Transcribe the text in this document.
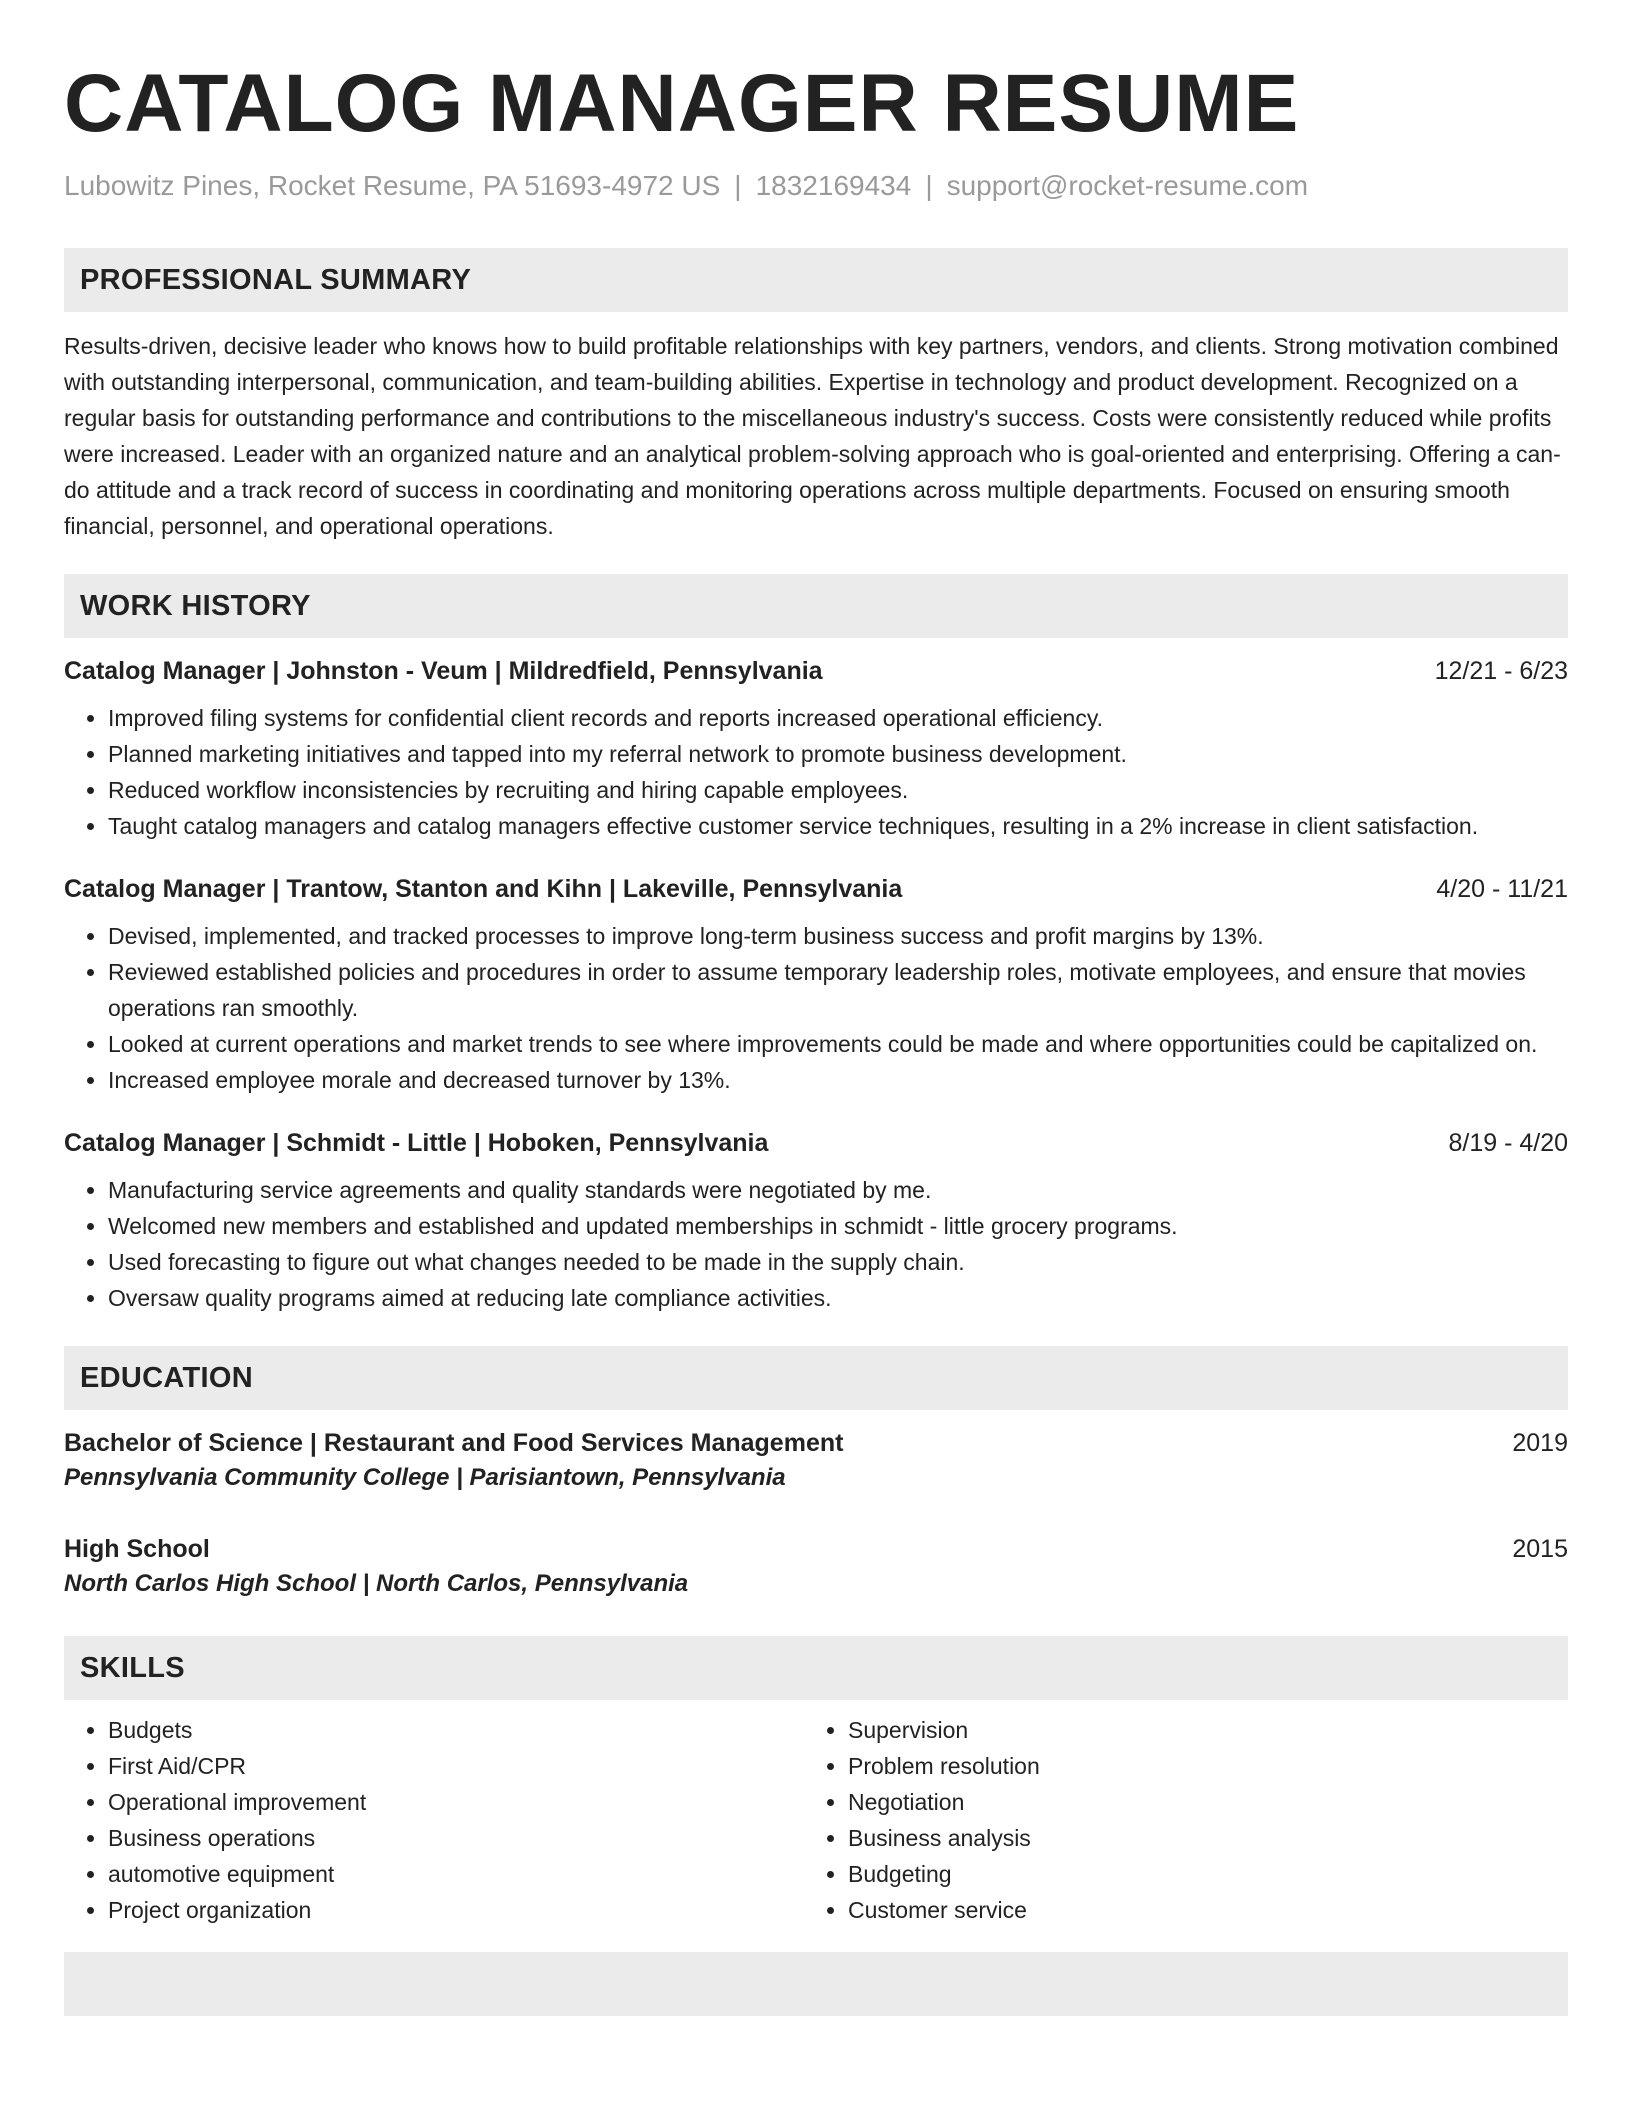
CATALOG MANAGER RESUME
Lubowitz Pines, Rocket Resume, PA 51693-4972 US | 1832169434 | support@rocket-resume.com
PROFESSIONAL SUMMARY
Results-driven, decisive leader who knows how to build profitable relationships with key partners, vendors, and clients. Strong motivation combined with outstanding interpersonal, communication, and team-building abilities. Expertise in technology and product development. Recognized on a regular basis for outstanding performance and contributions to the miscellaneous industry's success. Costs were consistently reduced while profits were increased. Leader with an organized nature and an analytical problem-solving approach who is goal-oriented and enterprising. Offering a can-do attitude and a track record of success in coordinating and monitoring operations across multiple departments. Focused on ensuring smooth financial, personnel, and operational operations.
WORK HISTORY
Catalog Manager | Johnston - Veum | Mildredfield, Pennsylvania	12/21 - 6/23
• Improved filing systems for confidential client records and reports increased operational efficiency.
• Planned marketing initiatives and tapped into my referral network to promote business development.
• Reduced workflow inconsistencies by recruiting and hiring capable employees.
• Taught catalog managers and catalog managers effective customer service techniques, resulting in a 2% increase in client satisfaction.
Catalog Manager | Trantow, Stanton and Kihn | Lakeville, Pennsylvania	4/20 - 11/21
• Devised, implemented, and tracked processes to improve long-term business success and profit margins by 13%.
• Reviewed established policies and procedures in order to assume temporary leadership roles, motivate employees, and ensure that movies operations ran smoothly.
• Looked at current operations and market trends to see where improvements could be made and where opportunities could be capitalized on.
• Increased employee morale and decreased turnover by 13%.
Catalog Manager | Schmidt - Little | Hoboken, Pennsylvania	8/19 - 4/20
• Manufacturing service agreements and quality standards were negotiated by me.
• Welcomed new members and established and updated memberships in schmidt - little grocery programs.
• Used forecasting to figure out what changes needed to be made in the supply chain.
• Oversaw quality programs aimed at reducing late compliance activities.
EDUCATION
Bachelor of Science | Restaurant and Food Services Management	2019
Pennsylvania Community College | Parisiantown, Pennsylvania
High School	2015
North Carlos High School | North Carlos, Pennsylvania
SKILLS
• Budgets
• First Aid/CPR
• Operational improvement
• Business operations
• automotive equipment
• Project organization
• Supervision
• Problem resolution
• Negotiation
• Business analysis
• Budgeting
• Customer service
